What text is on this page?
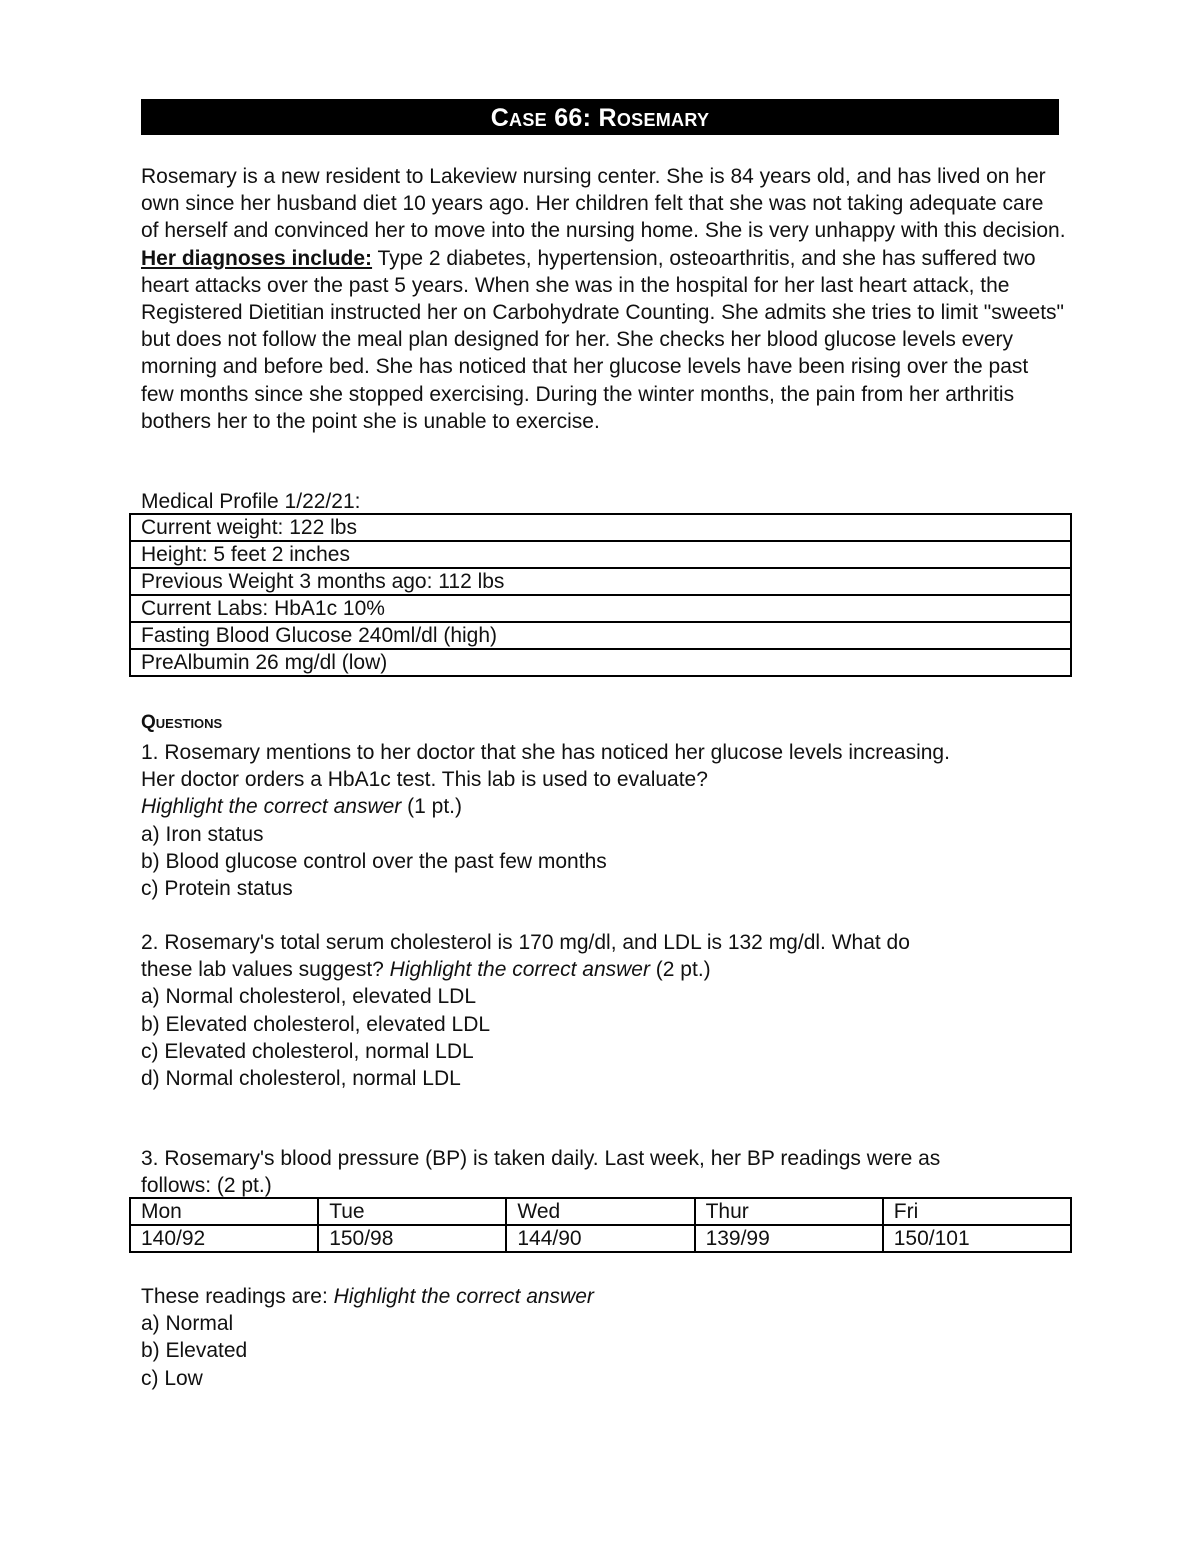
Case 66: Rosemary
Rosemary is a new resident to Lakeview nursing center. She is 84 years old, and has lived on her own since her husband diet 10 years ago. Her children felt that she was not taking adequate care of herself and convinced her to move into the nursing home. She is very unhappy with this decision. Her diagnoses include: Type 2 diabetes, hypertension, osteoarthritis, and she has suffered two heart attacks over the past 5 years. When she was in the hospital for her last heart attack, the Registered Dietitian instructed her on Carbohydrate Counting. She admits she tries to limit "sweets" but does not follow the meal plan designed for her. She checks her blood glucose levels every morning and before bed. She has noticed that her glucose levels have been rising over the past few months since she stopped exercising. During the winter months, the pain from her arthritis bothers her to the point she is unable to exercise.
Medical Profile 1/22/21:
Current weight: 122 lbs
Height: 5 feet 2 inches
Previous Weight 3 months ago: 112 lbs
Current Labs: HbA1c 10%
Fasting Blood Glucose 240ml/dl (high)
PreAlbumin 26 mg/dl (low)
Questions
1. Rosemary mentions to her doctor that she has noticed her glucose levels increasing.
Her doctor orders a HbA1c test. This lab is used to evaluate?
Highlight the correct answer (1 pt.)
a) Iron status
b) Blood glucose control over the past few months
c) Protein status
2. Rosemary's total serum cholesterol is 170 mg/dl, and LDL is 132 mg/dl. What do
these lab values suggest? Highlight the correct answer (2 pt.)
a) Normal cholesterol, elevated LDL
b) Elevated cholesterol, elevated LDL
c) Elevated cholesterol, normal LDL
d) Normal cholesterol, normal LDL
3. Rosemary's blood pressure (BP) is taken daily. Last week, her BP readings were as
follows: (2 pt.)
Mon	Tue	Wed	Thur	Fri
140/92	150/98	144/90	139/99	150/101
These readings are: Highlight the correct answer
a) Normal
b) Elevated
c) Low
